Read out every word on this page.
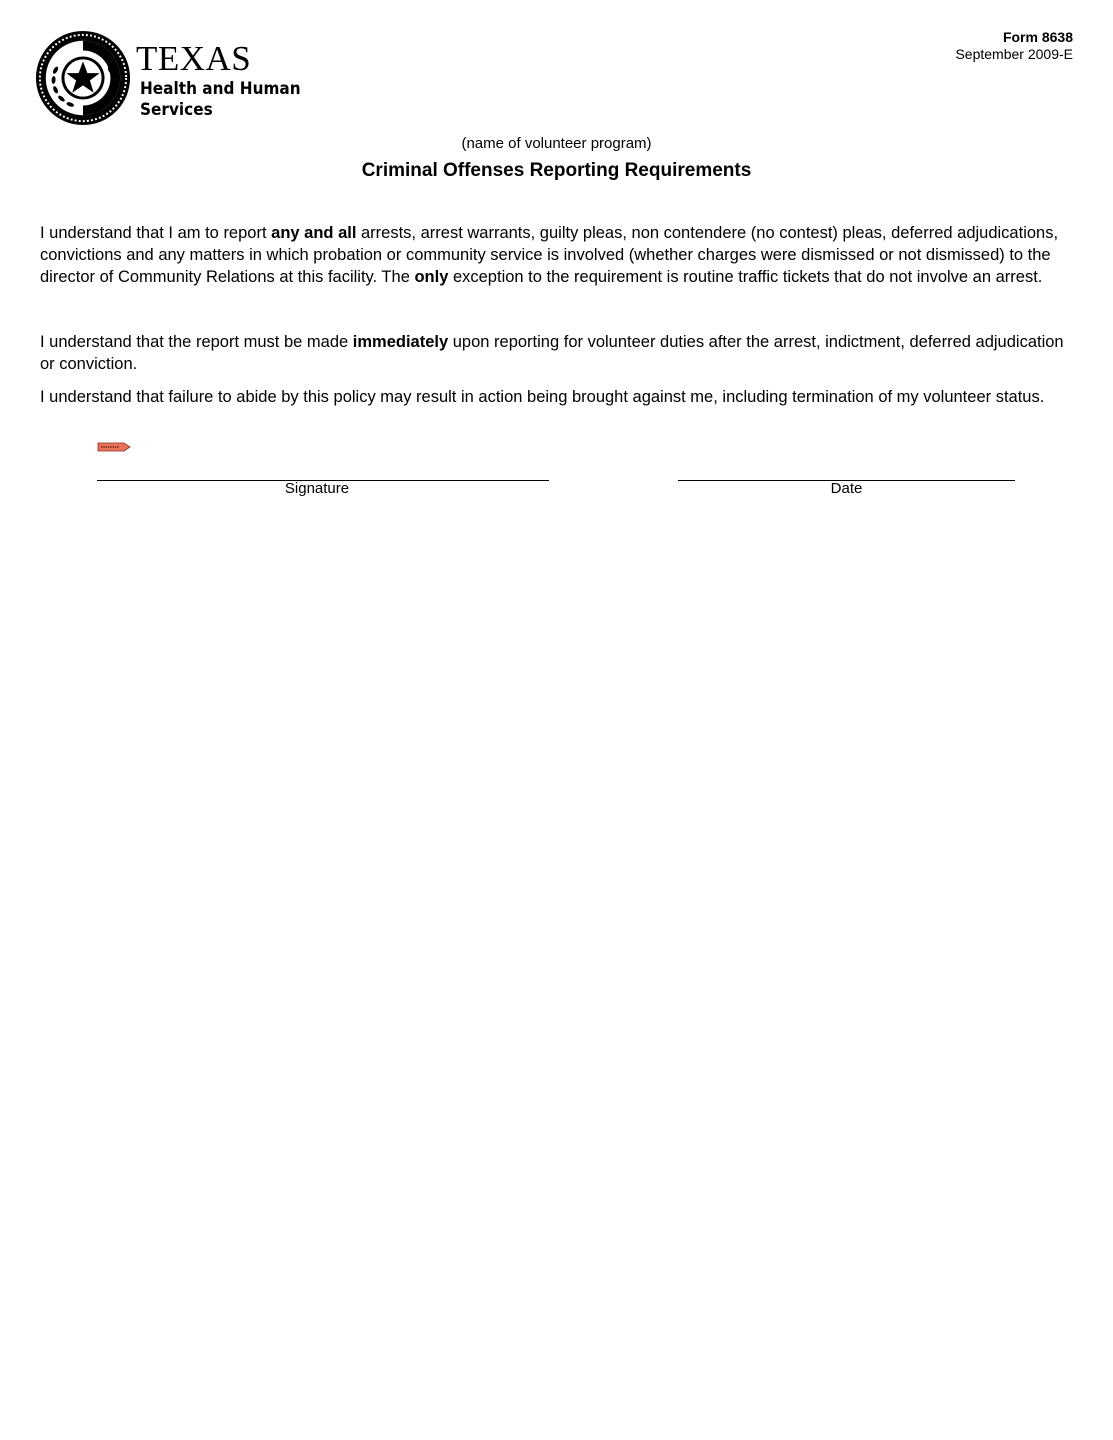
TEXAS
Health and Human
Services
Form 8638
September 2009-E
(name of volunteer program)
Criminal Offenses Reporting Requirements

I understand that I am to report any and all arrests, arrest warrants, guilty pleas, non contendere (no contest) pleas, deferred adjudications, convictions and any matters in which probation or community service is involved (whether charges were dismissed or not dismissed) to the director of Community Relations at this facility. The only exception to the requirement is routine traffic tickets that do not involve an arrest.

I understand that the report must be made immediately upon reporting for volunteer duties after the arrest, indictment, deferred adjudication or conviction.

I understand that failure to abide by this policy may result in action being brought against me, including termination of my volunteer status.

Signature	Date
